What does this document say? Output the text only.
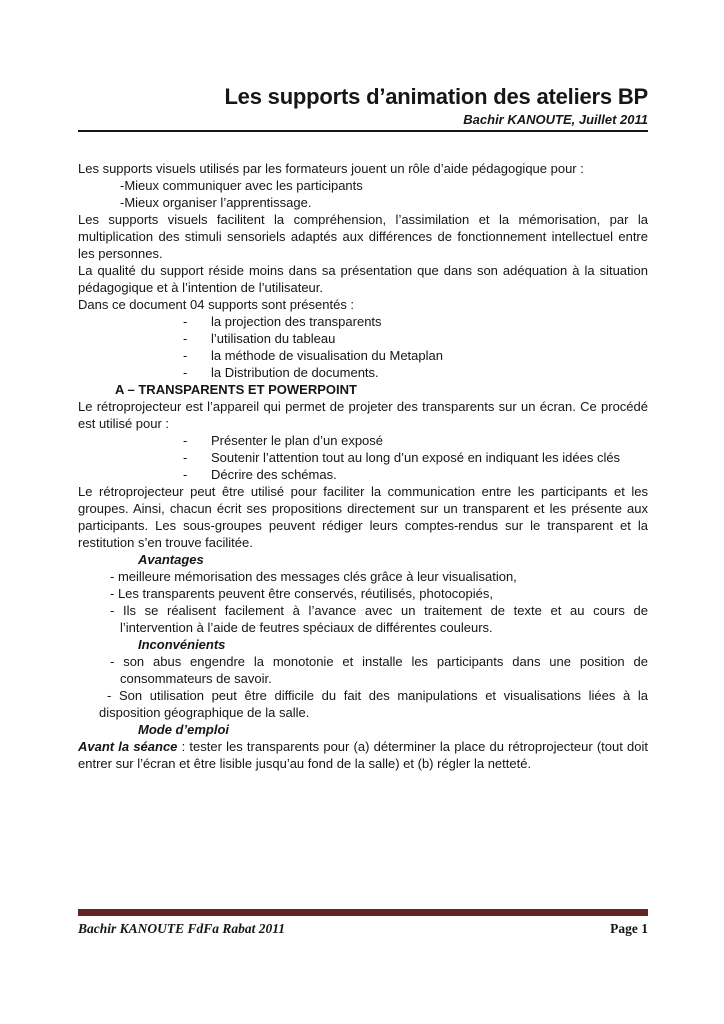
Les supports d’animation des ateliers BP
Bachir KANOUTE, Juillet 2011

Les supports visuels utilisés par les formateurs jouent un rôle d’aide pédagogique pour :

-Mieux communiquer avec les participants
-Mieux organiser l’apprentissage.

Les supports visuels facilitent la compréhension, l’assimilation et la mémorisation, par la multiplication des stimuli sensoriels adaptés aux différences de fonctionnement intellectuel entre les personnes.

La qualité du support réside moins dans sa présentation que dans son adéquation à la situation pédagogique et à l’intention de l’utilisateur.

Dans ce document 04 supports sont présentés :

-	la projection des transparents
-	l’utilisation du tableau
-	la méthode de visualisation du Metaplan
-	la Distribution de documents.
A – TRANSPARENTS ET POWERPOINT

Le rétroprojecteur est l’appareil qui permet de projeter des transparents sur un écran. Ce procédé est utilisé pour :

-	Présenter le plan d’un exposé
-	Soutenir l’attention tout au long d’un exposé en indiquant les idées clés
-	Décrire des schémas.

Le rétroprojecteur peut être utilisé pour faciliter la communication entre les participants et les groupes. Ainsi, chacun écrit ses propositions directement sur un transparent et les présente aux participants. Les sous-groupes peuvent rédiger leurs comptes-rendus sur le transparent et la restitution s’en trouve facilitée.

Avantages
- meilleure mémorisation des messages clés grâce à leur visualisation,
- Les transparents peuvent être conservés, réutilisés, photocopiés,
- Ils se réalisent facilement à l’avance avec un traitement de texte et au cours de l’intervention à l’aide de feutres spéciaux de différentes couleurs.
Inconvénients
- son abus engendre la monotonie et installe les participants dans une position de consommateurs de savoir.
- Son utilisation peut être difficile du fait des manipulations et visualisations liées à la disposition géographique de la salle.
Mode d’emploi

Avant la séance : tester les transparents pour (a) déterminer la place du rétroprojecteur (tout doit entrer sur l’écran et être lisible jusqu’au fond de la salle) et (b) régler la netteté.

Bachir KANOUTE FdFa Rabat 2011	Page 1
